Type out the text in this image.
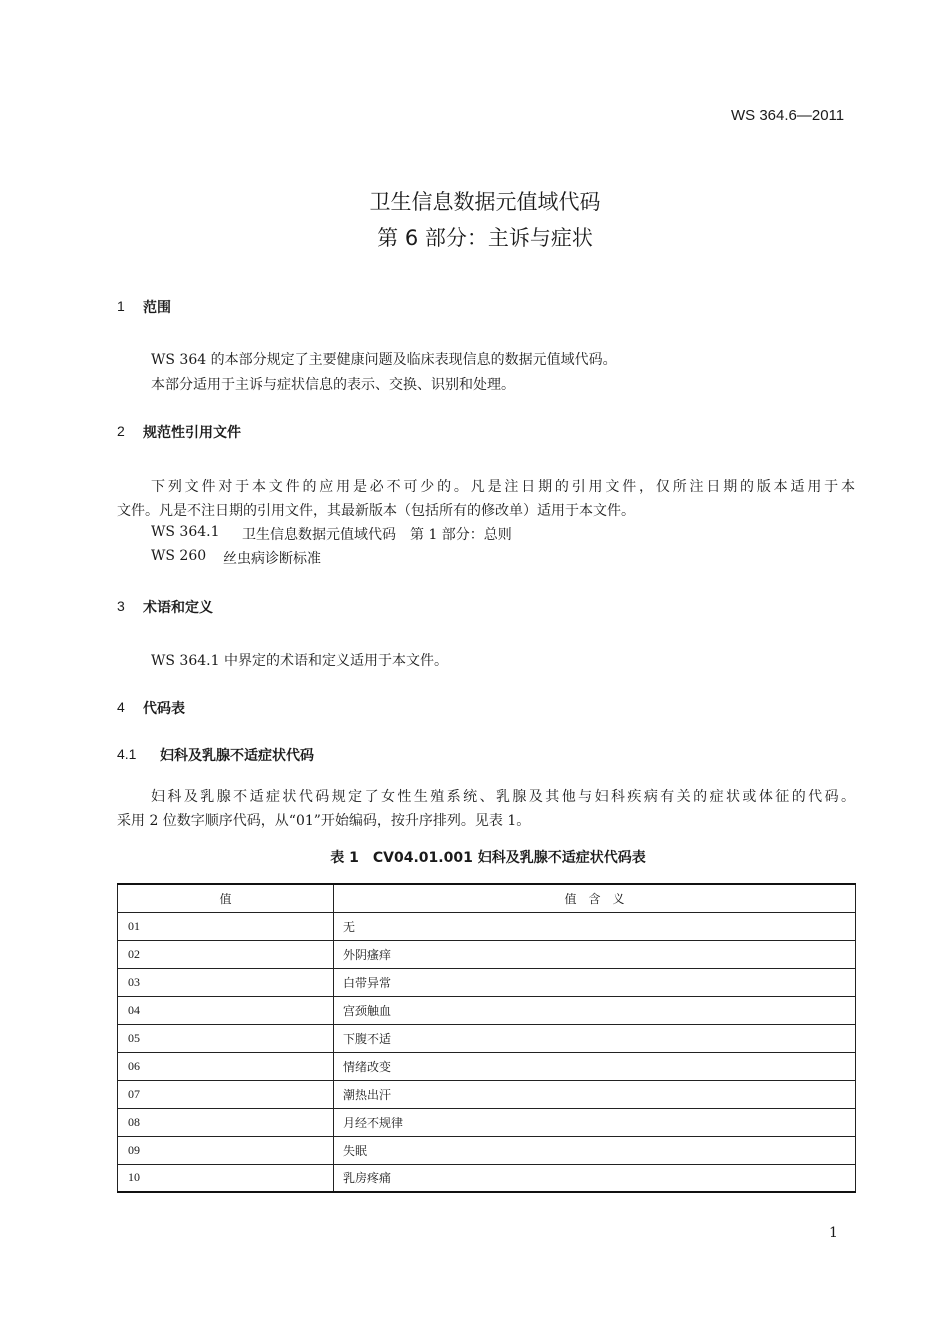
WS 364.6—2011
卫生信息数据元值域代码
第 6 部分：主诉与症状
1 范围
WS 364 的本部分规定了主要健康问题及临床表现信息的数据元值域代码。
本部分适用于主诉与症状信息的表示、交换、识别和处理。
2 规范性引用文件
下列文件对于本文件的应用是必不可少的。凡是注日期的引用文件，仅所注日期的版本适用于本
文件。凡是不注日期的引用文件，其最新版本（包括所有的修改单）适用于本文件。
WS 364.1 卫生信息数据元值域代码　第 1 部分：总则
WS 260 丝虫病诊断标准
3 术语和定义
WS 364.1 中界定的术语和定义适用于本文件。
4 代码表
4.1 妇科及乳腺不适症状代码
妇科及乳腺不适症状代码规定了女性生殖系统、乳腺及其他与妇科疾病有关的症状或体征的代码。
采用 2 位数字顺序代码，从“01”开始编码，按升序排列。见表 1。
表 1　CV04.01.001 妇科及乳腺不适症状代码表
值	值　含　义
01	无
02	外阴瘙痒
03	白带异常
04	宫颈触血
05	下腹不适
06	情绪改变
07	潮热出汗
08	月经不规律
09	失眠
10	乳房疼痛
1
